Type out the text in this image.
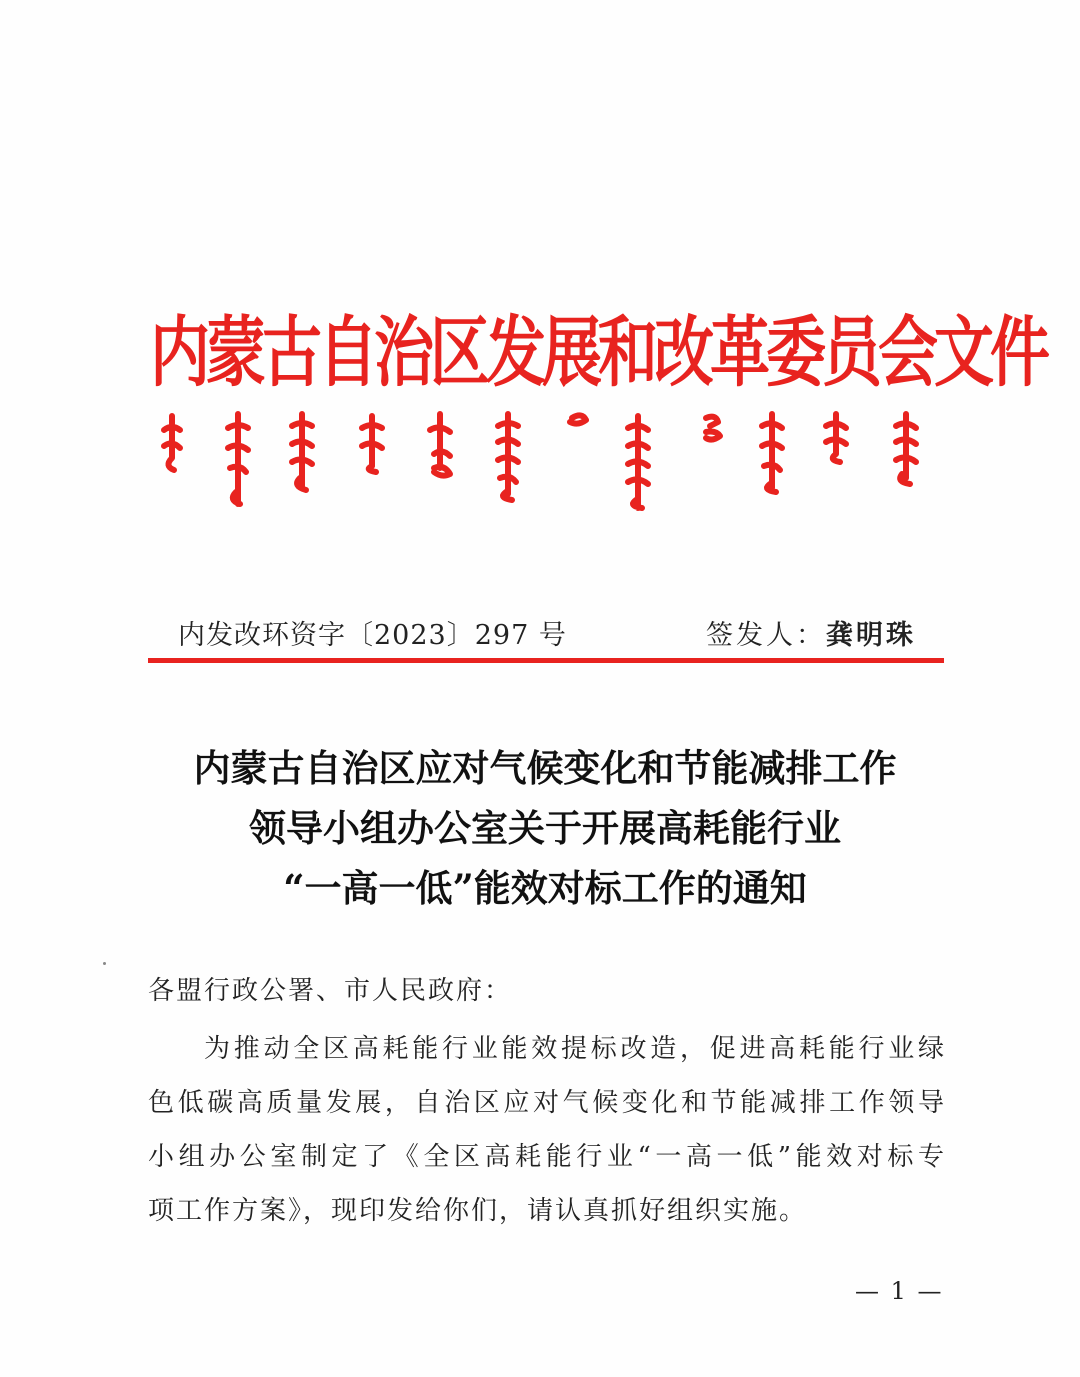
内蒙古自治区发展和改革委员会文件
内发改环资字〔2023〕297 号	签发人：龚明珠
内蒙古自治区应对气候变化和节能减排工作
领导小组办公室关于开展高耗能行业
“一高一低”能效对标工作的通知
各盟行政公署、市人民政府：
为推动全区高耗能行业能效提标改造，促进高耗能行业绿
色低碳高质量发展，自治区应对气候变化和节能减排工作领导
小组办公室制定了《全区高耗能行业“一高一低”能效对标专
项工作方案》，现印发给你们，请认真抓好组织实施。
— 1 —
